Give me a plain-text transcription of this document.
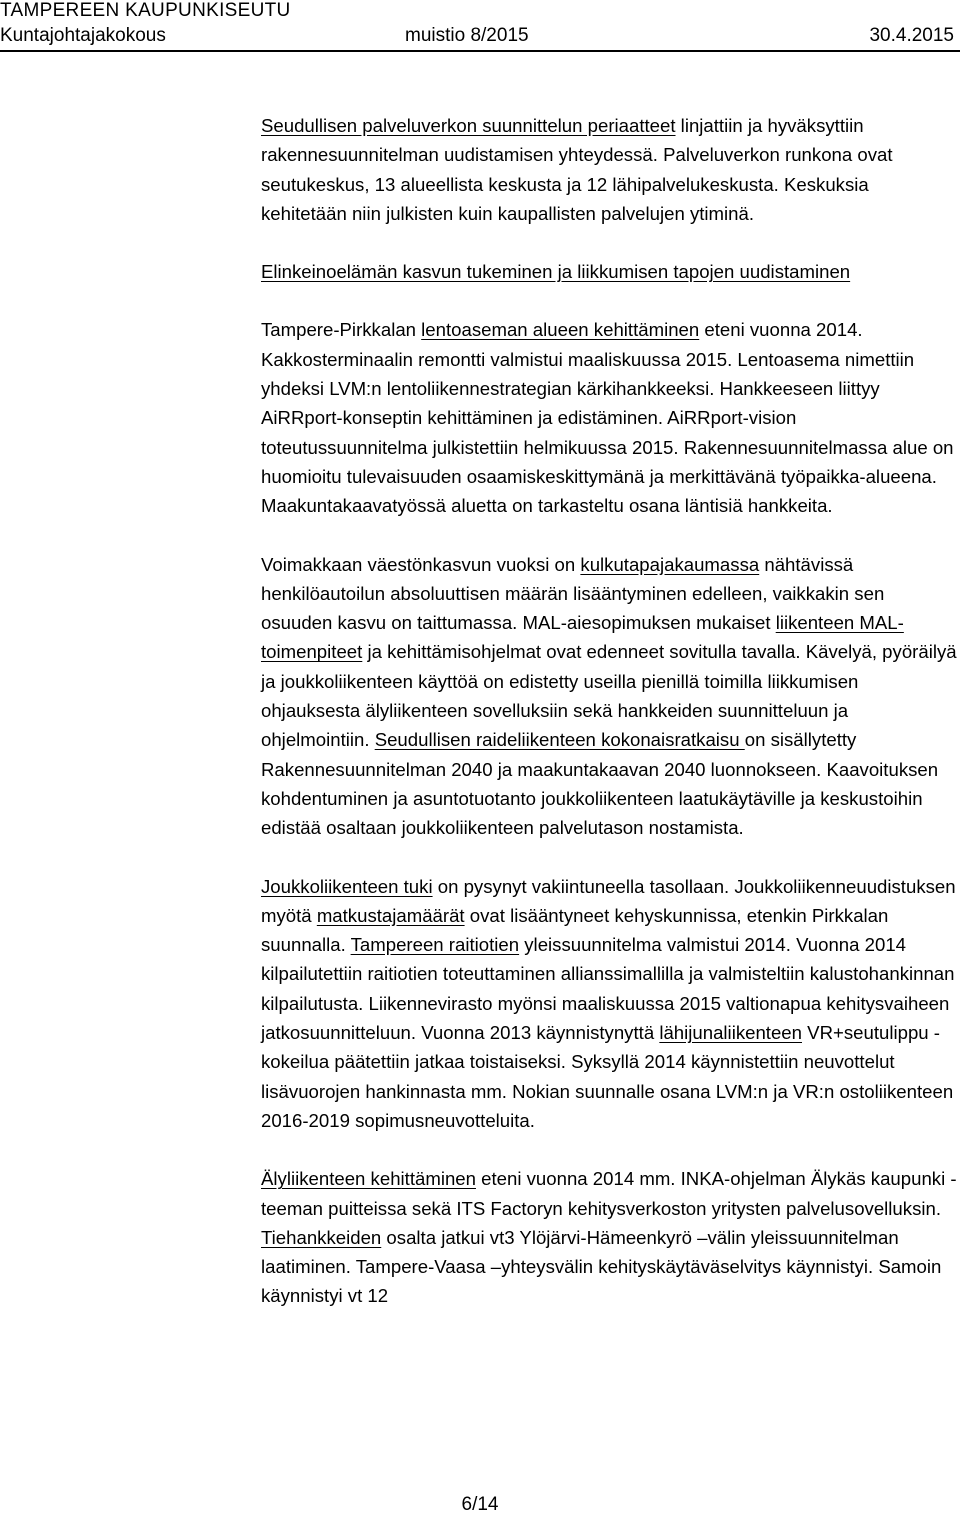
TAMPEREEN KAUPUNKISEUTU
Kuntajohtajakokous	muistio 8/2015	30.4.2015

Seudullisen palveluverkon suunnittelun periaatteet linjattiin ja hyväksyttiin rakennesuunnitelman uudistamisen yhteydessä. Palveluverkon runkona ovat seutukeskus, 13 alueellista keskusta ja 12 lähipalvelukeskusta. Keskuksia kehitetään niin julkisten kuin kaupallisten palvelujen ytiminä.

Elinkeinoelämän kasvun tukeminen ja liikkumisen tapojen uudistaminen

Tampere-Pirkkalan lentoaseman alueen kehittäminen eteni vuonna 2014. Kakkosterminaalin remontti valmistui maaliskuussa 2015. Lentoasema nimettiin yhdeksi LVM:n lentoliikennestrategian kärkihankkeeksi. Hankkeeseen liittyy AiRRport-konseptin kehittäminen ja edistäminen. AiRRport-vision toteutussuunnitelma julkistettiin helmikuussa 2015. Rakennesuunnitelmassa alue on huomioitu tulevaisuuden osaamiskeskittymänä ja merkittävänä työpaikka-alueena. Maakuntakaavatyössä aluetta on tarkasteltu osana läntisiä hankkeita.

Voimakkaan väestönkasvun vuoksi on kulkutapajakaumassa nähtävissä henkilöautoilun absoluuttisen määrän lisääntyminen edelleen, vaikkakin sen osuuden kasvu on taittumassa. MAL-aiesopimuksen mukaiset liikenteen MAL-toimenpiteet ja kehittämisohjelmat ovat edenneet sovitulla tavalla. Kävelyä, pyöräilyä ja joukkoliikenteen käyttöä on edistetty useilla pienillä toimilla liikkumisen ohjauksesta älyliikenteen sovelluksiin sekä hankkeiden suunnitteluun ja ohjelmointiin. Seudullisen raideliikenteen kokonaisratkaisu on sisällytetty Rakennesuunnitelman 2040 ja maakuntakaavan 2040 luonnokseen. Kaavoituksen kohdentuminen ja asuntotuotanto joukkoliikenteen laatukäytäville ja keskustoihin edistää osaltaan joukkoliikenteen palvelutason nostamista.

Joukkoliikenteen tuki on pysynyt vakiintuneella tasollaan. Joukkoliikenneuudistuksen myötä matkustajamäärät ovat lisääntyneet kehyskunnissa, etenkin Pirkkalan suunnalla. Tampereen raitiotien yleissuunnitelma valmistui 2014. Vuonna 2014 kilpailutettiin raitiotien toteuttaminen allianssimallilla ja valmisteltiin kalustohankinnan kilpailutusta. Liikennevirasto myönsi maaliskuussa 2015 valtionapua kehitysvaiheen jatkosuunnitteluun. Vuonna 2013 käynnistynyttä lähijunaliikenteen VR+seutulippu -kokeilua päätettiin jatkaa toistaiseksi. Syksyllä 2014 käynnistettiin neuvottelut lisävuorojen hankinnasta mm. Nokian suunnalle osana LVM:n ja VR:n ostoliikenteen 2016-2019 sopimusneuvotteluita.

Älyliikenteen kehittäminen eteni vuonna 2014 mm. INKA-ohjelman Älykäs kaupunki -teeman puitteissa sekä ITS Factoryn kehitysverkoston yritysten palvelusovelluksin. Tiehankkeiden osalta jatkui vt3 Ylöjärvi-Hämeenkyrö –välin yleissuunnitelman laatiminen. Tampere-Vaasa –yhteysvälin kehityskäytäväselvitys käynnistyi. Samoin käynnistyi vt 12

6/14
